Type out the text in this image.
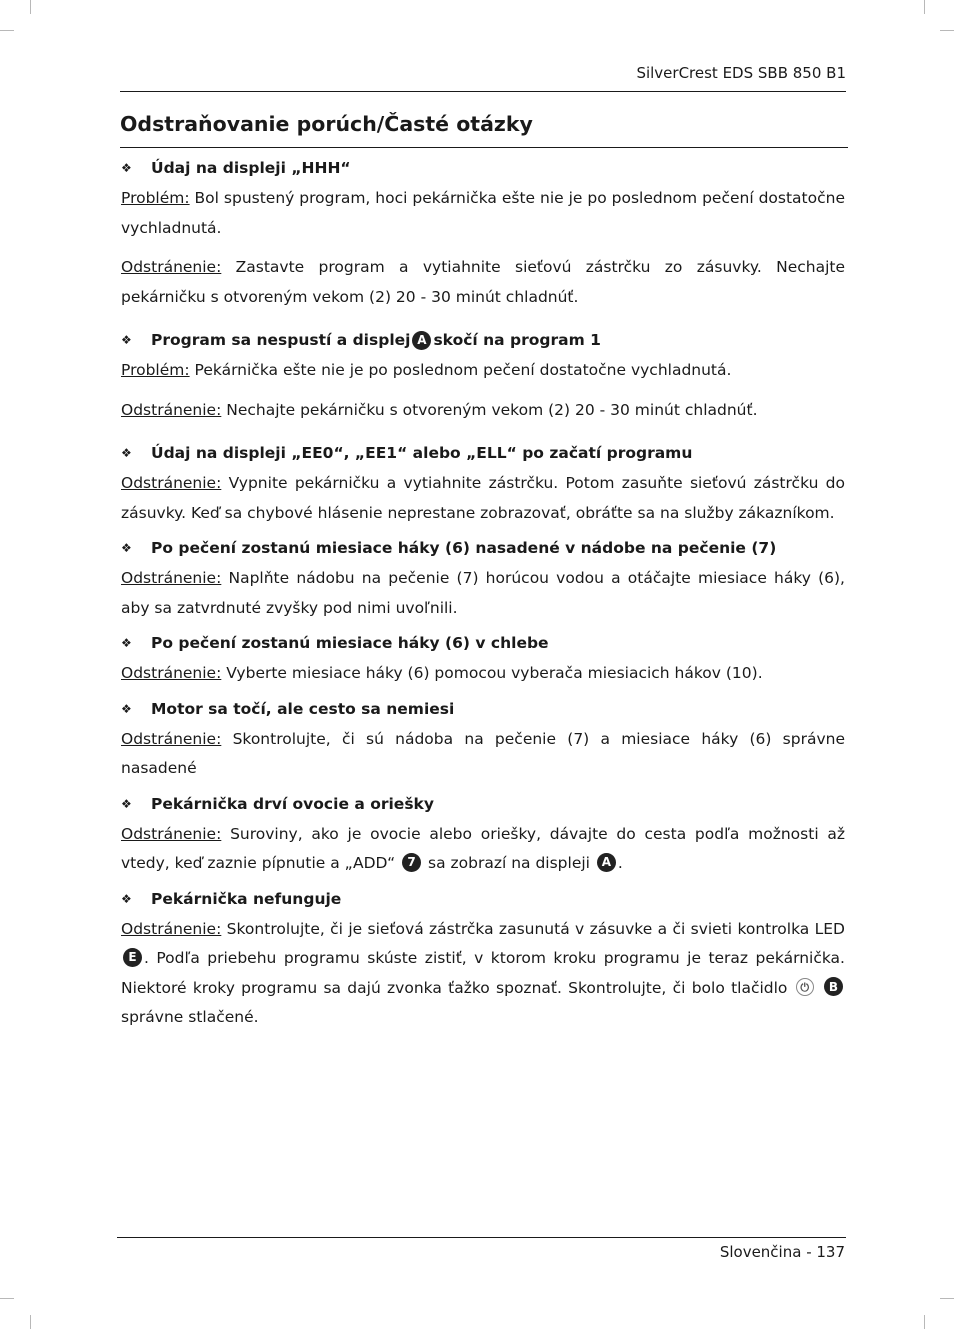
SilverCrest EDS SBB 850 B1
Odstraňovanie porúch/Časté otázky
❖	Údaj na displeji „HHH“

Problém: Bol spustený program, hoci pekárnička ešte nie je po poslednom pečení dostatočne vychladnutá.

Odstránenie: Zastavte program a vytiahnite sieťovú zástrčku zo zásuvky. Nechajte pekárničku s otvoreným vekom (2) 20 - 30 minút chladnúť.

❖	Program sa nespustí a displej A skočí na program 1

Problém: Pekárnička ešte nie je po poslednom pečení dostatočne vychladnutá.

Odstránenie: Nechajte pekárničku s otvoreným vekom (2) 20 - 30 minút chladnúť.

❖	Údaj na displeji „EE0“, „EE1“ alebo „ELL“ po začatí programu

Odstránenie: Vypnite pekárničku a vytiahnite zástrčku. Potom zasuňte sieťovú zástrčku do zásuvky. Keď sa chybové hlásenie neprestane zobrazovať, obráťte sa na služby zákazníkom.

❖	Po pečení zostanú miesiace háky (6) nasadené v nádobe na pečenie (7)

Odstránenie: Naplňte nádobu na pečenie (7) horúcou vodou a otáčajte miesiace háky (6), aby sa zatvrdnuté zvyšky pod nimi uvoľnili.

❖	Po pečení zostanú miesiace háky (6) v chlebe

Odstránenie: Vyberte miesiace háky (6) pomocou vyberača miesiacich hákov (10).

❖	Motor sa točí, ale cesto sa nemiesi

Odstránenie: Skontrolujte, či sú nádoba na pečenie (7) a miesiace háky (6) správne nasadené

❖	Pekárnička drví ovocie a oriešky

Odstránenie: Suroviny, ako je ovocie alebo oriešky, dávajte do cesta podľa možnosti až vtedy, keď zaznie pípnutie a „ADD“ 7 sa zobrazí na displeji A .

❖	Pekárnička nefunguje

Odstránenie: Skontrolujte, či je sieťová zástrčka zasunutá v zásuvke a či svieti kontrolka LED E . Podľa priebehu programu skúste zistiť, v ktorom kroku programu je teraz pekárnička. Niektoré kroky programu sa dajú zvonka ťažko spoznať. Skontrolujte, či bolo tlačidlo ⏻ B správne stlačené.

Slovenčina - 137
